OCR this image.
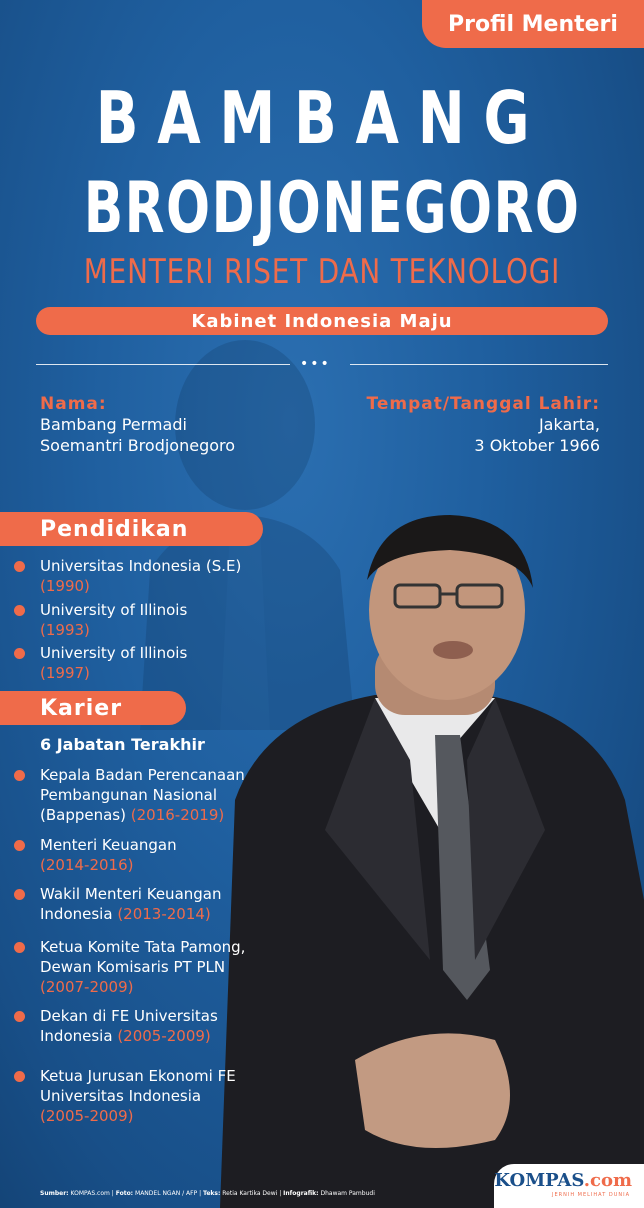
Profil Menteri
BAMBANG
BRODJONEGORO
MENTERI RISET DAN TEKNOLOGI
Kabinet Indonesia Maju
•••
Nama:
Bambang Permadi
Soemantri Brodjonegoro
Tempat/Tanggal Lahir:
Jakarta,
3 Oktober 1966
Pendidikan
Universitas Indonesia (S.E)
(1990)
University of Illinois
(1993)
University of Illinois
(1997)
Karier
6 Jabatan Terakhir
Kepala Badan Perencanaan
Pembangunan Nasional
(Bappenas) (2016-2019)
Menteri Keuangan
(2014-2016)
Wakil Menteri Keuangan
Indonesia (2013-2014)
Ketua Komite Tata Pamong,
Dewan Komisaris PT PLN
(2007-2009)
Dekan di FE Universitas
Indonesia (2005-2009)
Ketua Jurusan Ekonomi FE
Universitas Indonesia
(2005-2009)
Sumber: KOMPAS.com | Foto: MANDEL NGAN / AFP | Teks: Retia Kartika Dewi | Infografik: Dhawam Pambudi
KOMPAS.com
JERNIH MELIHAT DUNIA
